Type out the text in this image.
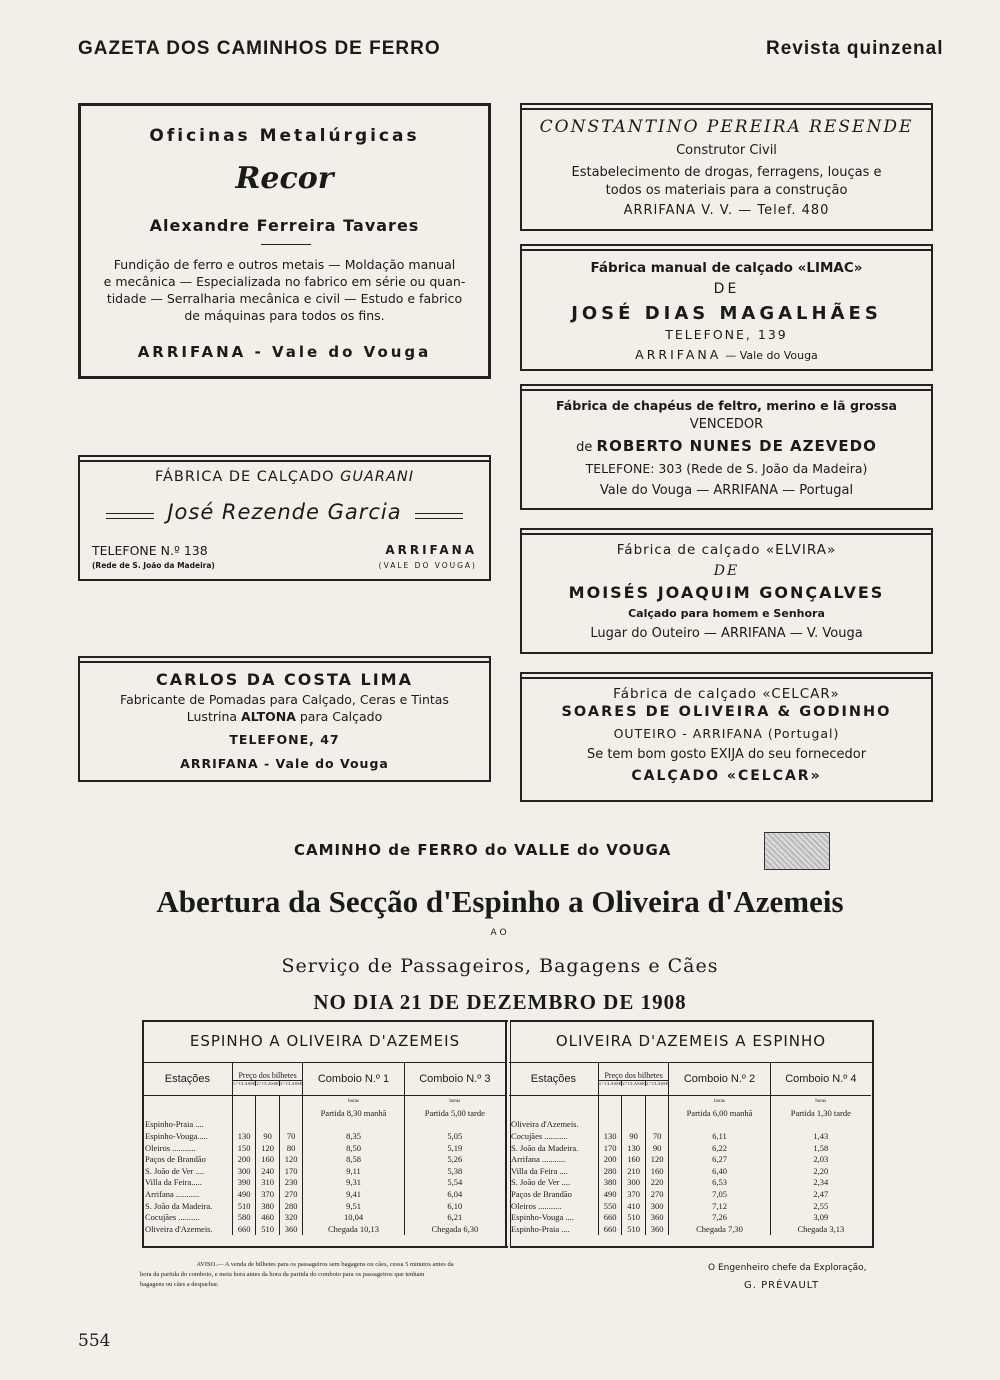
GAZETA DOS CAMINHOS DE FERRO	Revista quinzenal
Oficinas Metalúrgicas
Recor
Alexandre Ferreira Tavares
Fundição de ferro e outros metais — Moldação manual
e mecânica — Especializada no fabrico em série ou quan-
tidade — Serralharia mecânica e civil — Estudo e fabrico
de máquinas para todos os fins.
ARRIFANA - Vale do Vouga
FÁBRICA DE CALÇADO GUARANI
José Rezende Garcia
TELEFONE N.º 138
(Rede de S. João da Madeira)
ARRIFANA
(VALE DO VOUGA)
CARLOS DA COSTA LIMA
Fabricante de Pomadas para Calçado, Ceras e Tintas
Lustrina ALTONA para Calçado
TELEFONE, 47
ARRIFANA - Vale do Vouga
CONSTANTINO PEREIRA RESENDE
Construtor Civil
Estabelecimento de drogas, ferragens, louças e
todos os materiais para a construção
ARRIFANA V. V. — Telef. 480
Fábrica manual de calçado «LIMAC»
DE
JOSÉ DIAS MAGALHÃES
TELEFONE, 139
ARRIFANA — Vale do Vouga
Fábrica de chapéus de feltro, merino e lã grossa
VENCEDOR
de ROBERTO NUNES DE AZEVEDO
TELEFONE: 303 (Rede de S. João da Madeira)
Vale do Vouga — ARRIFANA — Portugal
Fábrica de calçado «ELVIRA»
DE
MOISÉS JOAQUIM GONÇALVES
Calçado para homem e Senhora
Lugar do Outeiro — ARRIFANA — V. Vouga
Fábrica de calçado «CELCAR»
SOARES DE OLIVEIRA & GODINHO
OUTEIRO - ARRIFANA (Portugal)
Se tem bom gosto EXIJA do seu fornecedor
CALÇADO «CELCAR»
CAMINHO de FERRO do VALLE do VOUGA
Abertura da Secção d'Espinho a Oliveira d'Azemeis
AO
Serviço de Passageiros, Bagagens e Cães
NO DIA 21 DE DEZEMBRO DE 1908
ESPINHO A OLIVEIRA D'AZEMEIS
Estações	Preço dos bilhetes
1.ª CLASSE 2.ª CLASSE 3.ª CLASSE			Comboio N.º 1	Comboio N.º 3
				horas	horas
				Partida 8,30 manhã	Partida 5,00 tarde
Espinho-Praia ....					
Espinho-Vouga.....	130	90	70	8,35	5,05
Oleiros ...........	150	120	80	8,50	5,19
Paços de Brandão	200	160	120	8,58	5,26
S. João de Ver ....	300	240	170	9,11	5,38
Villa da Feira.....	390	310	230	9,31	5,54
Arrifana ...........	490	370	270	9,41	6,04
S. João da Madeira.	510	380	280	9,51	6,10
Cocujães ..........	580	460	320	10,04	6,21
Oliveira d'Azemeis.	660	510	360	Chegada 10,13	Chegada 6,30
OLIVEIRA D'AZEMEIS A ESPINHO
Estações	Preço dos bilhetes
1.ª CLASSE 2.ª CLASSE 3.ª CLASSE			Comboio N.º 2	Comboio N.º 4
				horas	horas
				Partida 6,00 manhã	Partida 1,30 tarde
Oliveira d'Azemeis.					
Cocujães ...........	130	90	70	6,11	1,43
S. João da Madeira.	170	130	90	6,22	1,58
Arrifana ...........	200	160	120	6,27	2,03
Villa da Feira ....	280	210	160	6,40	2,20
S. João de Ver ....	380	300	220	6,53	2,34
Paços de Brandão	490	370	270	7,05	2,47
Oleiros ...........	550	410	300	7,12	2,55
Espinho-Vouga ....	660	510	360	7,26	3,09
Espinho-Praia ....	660	510	360	Chegada 7,30	Chegada 3,13
AVISO.— A venda de bilhetes para os passageiros sem bagagens ou cães, cessa 5 minutos antes da
hora da partida do comboio, e meia hora antes da hora da partida do comboio para os passageiros que tenham
bagagens ou cães a despachar.
O Engenheiro chefe da Exploração,
G. PRÉVAULT
554
